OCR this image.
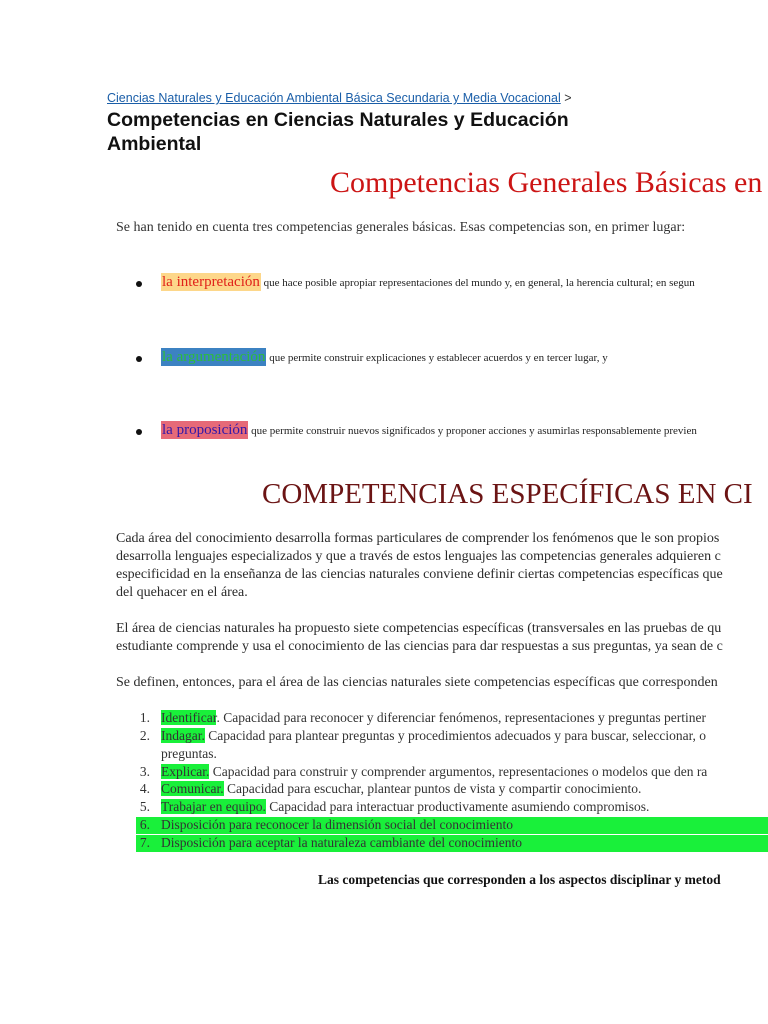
Ciencias Naturales y Educación Ambiental Básica Secundaria y Media Vocacional >
Competencias en Ciencias Naturales y Educación Ambiental
Competencias Generales Básicas en
Se han tenido en cuenta tres competencias generales básicas. Esas competencias son, en primer lugar:
la interpretación que hace posible apropiar representaciones del mundo y, en general, la herencia cultural; en segun
la argumentación que permite construir explicaciones y establecer acuerdos y en tercer lugar, y
la proposición que permite construir nuevos significados y proponer acciones y asumirlas responsablemente previen
COMPETENCIAS ESPECÍFICAS EN CI
Cada área del conocimiento desarrolla formas particulares de comprender los fenómenos que le son propios
desarrolla lenguajes especializados y que a través de estos lenguajes las competencias generales adquieren c
especificidad en la enseñanza de las ciencias naturales conviene definir ciertas competencias específicas que
del quehacer en el área.
El área de ciencias naturales ha propuesto siete competencias específicas (transversales en las pruebas de qu
estudiante comprende y usa el conocimiento de las ciencias para dar respuestas a sus preguntas, ya sean de c
Se definen, entonces, para el área de las ciencias naturales siete competencias específicas que corresponden
1. Identificar. Capacidad para reconocer y diferenciar fenómenos, representaciones y preguntas pertiner
2. Indagar. Capacidad para plantear preguntas y procedimientos adecuados y para buscar, seleccionar, o
preguntas.
3. Explicar. Capacidad para construir y comprender argumentos, representaciones o modelos que den ra
4. Comunicar. Capacidad para escuchar, plantear puntos de vista y compartir conocimiento.
5. Trabajar en equipo. Capacidad para interactuar productivamente asumiendo compromisos.
6. Disposición para reconocer la dimensión social del conocimiento
7. Disposición para aceptar la naturaleza cambiante del conocimiento
Las competencias que corresponden a los aspectos disciplinar y metod
